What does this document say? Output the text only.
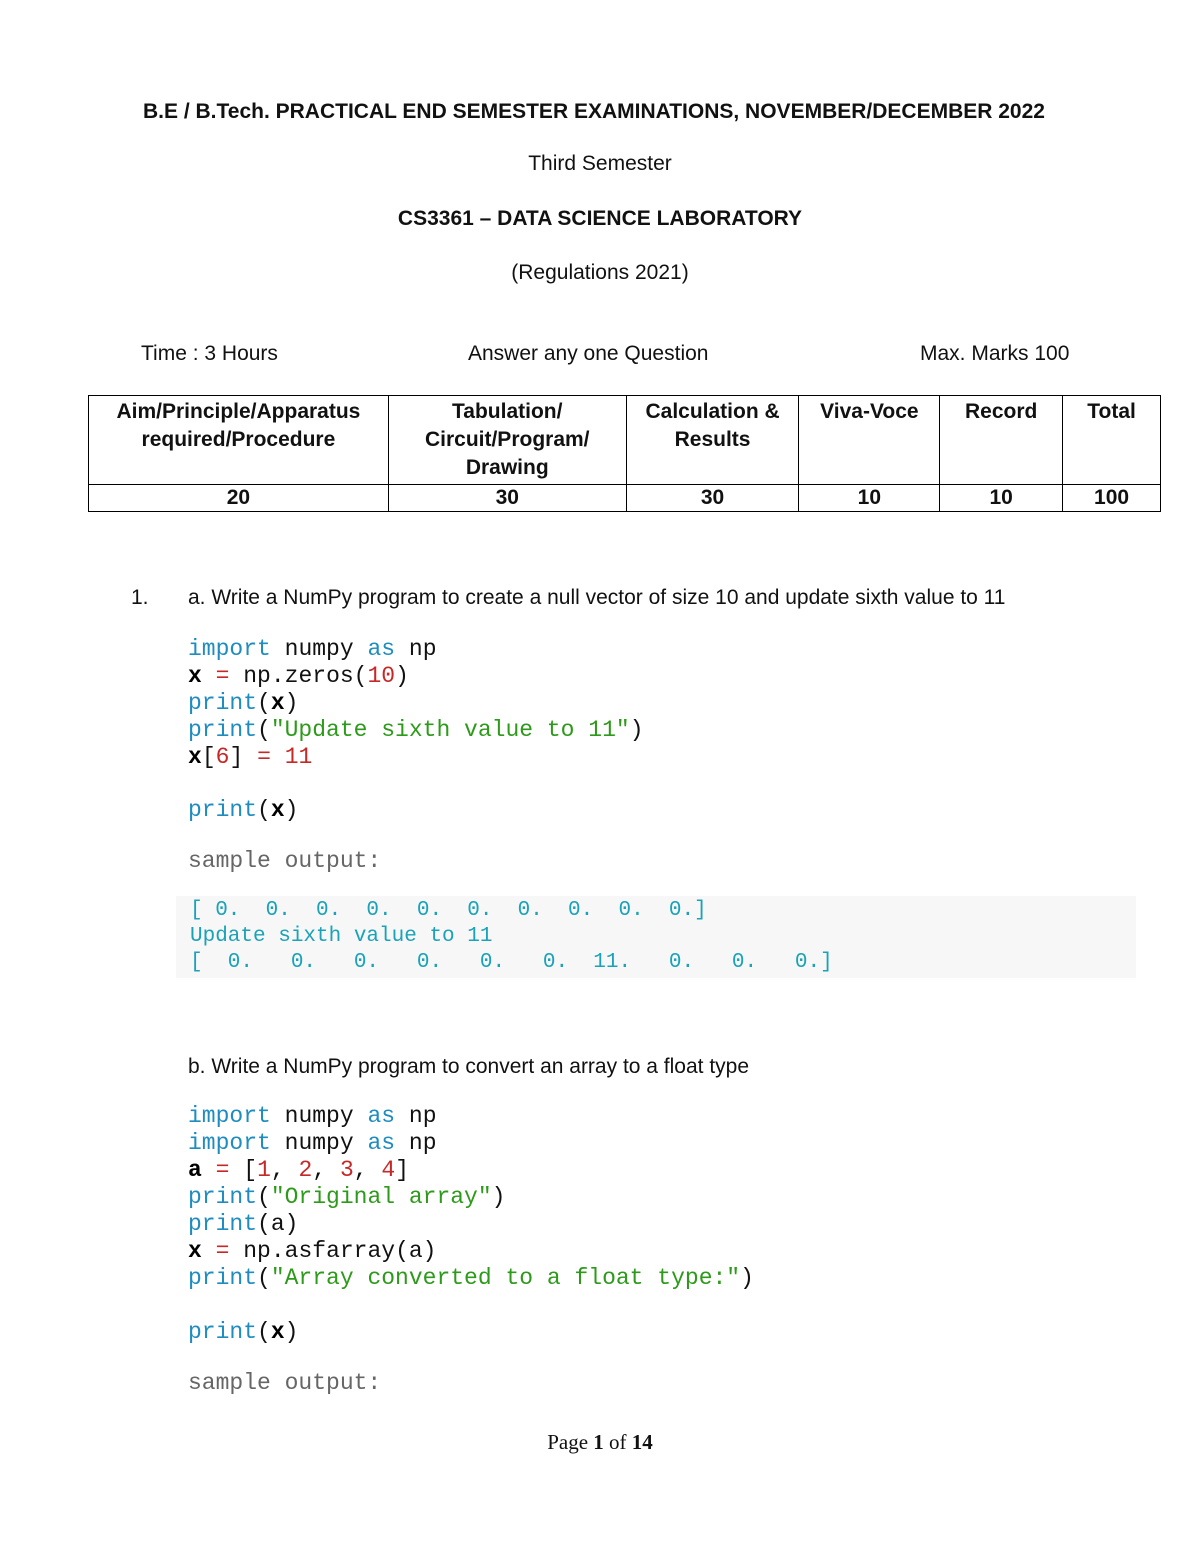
B.E / B.Tech. PRACTICAL END SEMESTER EXAMINATIONS, NOVEMBER/DECEMBER 2022
Third Semester
CS3361 – DATA SCIENCE LABORATORY
(Regulations 2021)
Time : 3 Hours	Answer any one Question	Max. Marks 100
Aim/Principle/Apparatus required/Procedure	Tabulation/ Circuit/Program/ Drawing	Calculation & Results	Viva-Voce	Record	Total
20	30	30	10	10	100
1. a. Write a NumPy program to create a null vector of size 10 and update sixth value to 11
import numpy as np
x = np.zeros(10)
print(x)
print("Update sixth value to 11")
x[6] = 11
print(x)
sample output:
[ 0.  0.  0.  0.  0.  0.  0.  0.  0.  0.]
Update sixth value to 11
[  0.   0.   0.   0.   0.   0.  11.   0.   0.   0.]
b. Write a NumPy program to convert an array to a float type
import numpy as np
import numpy as np
a = [1, 2, 3, 4]
print("Original array")
print(a)
x = np.asfarray(a)
print("Array converted to a float type:")
print(x)
sample output:
Page 1 of 14
